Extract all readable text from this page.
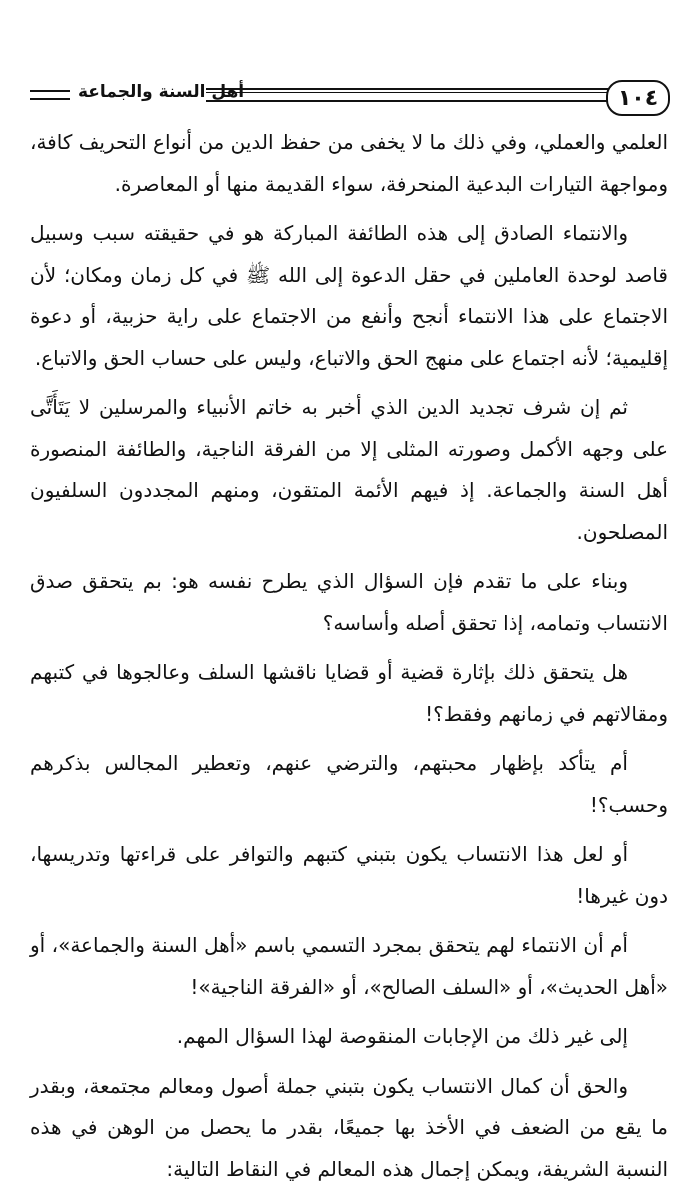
١٠٤
أهل السنة والجماعة

العلمي والعملي، وفي ذلك ما لا يخفى من حفظ الدين من أنواع التحريف كافة، ومواجهة التيارات البدعية المنحرفة، سواء القديمة منها أو المعاصرة.

والانتماء الصادق إلى هذه الطائفة المباركة هو في حقيقته سبب وسبيل قاصد لوحدة العاملين في حقل الدعوة إلى الله ﷺ في كل زمان ومكان؛ لأن الاجتماع على هذا الانتماء أنجح وأنفع من الاجتماع على راية حزبية، أو دعوة إقليمية؛ لأنه اجتماع على منهج الحق والاتباع، وليس على حساب الحق والاتباع.

ثم إن شرف تجديد الدين الذي أخبر به خاتم الأنبياء والمرسلين لا يَتَأَتَّى على وجهه الأكمل وصورته المثلى إلا من الفرقة الناجية، والطائفة المنصورة أهل السنة والجماعة. إذ فيهم الأئمة المتقون، ومنهم المجددون السلفيون المصلحون.

وبناء على ما تقدم فإن السؤال الذي يطرح نفسه هو: بم يتحقق صدق الانتساب وتمامه، إذا تحقق أصله وأساسه؟

هل يتحقق ذلك بإثارة قضية أو قضايا ناقشها السلف وعالجوها في كتبهم ومقالاتهم في زمانهم وفقط؟!

أم يتأكد بإظهار محبتهم، والترضي عنهم، وتعطير المجالس بذكرهم وحسب؟!

أو لعل هذا الانتساب يكون بتبني كتبهم والتوافر على قراءتها وتدريسها، دون غيرها!

أم أن الانتماء لهم يتحقق بمجرد التسمي باسم «أهل السنة والجماعة»، أو «أهل الحديث»، أو «السلف الصالح»، أو «الفرقة الناجية»!

إلى غير ذلك من الإجابات المنقوصة لهذا السؤال المهم.

والحق أن كمال الانتساب يكون بتبني جملة أصول ومعالم مجتمعة، وبقدر ما يقع من الضعف في الأخذ بها جميعًا، بقدر ما يحصل من الوهن في هذه النسبة الشريفة، ويمكن إجمال هذه المعالم في النقاط التالية:
